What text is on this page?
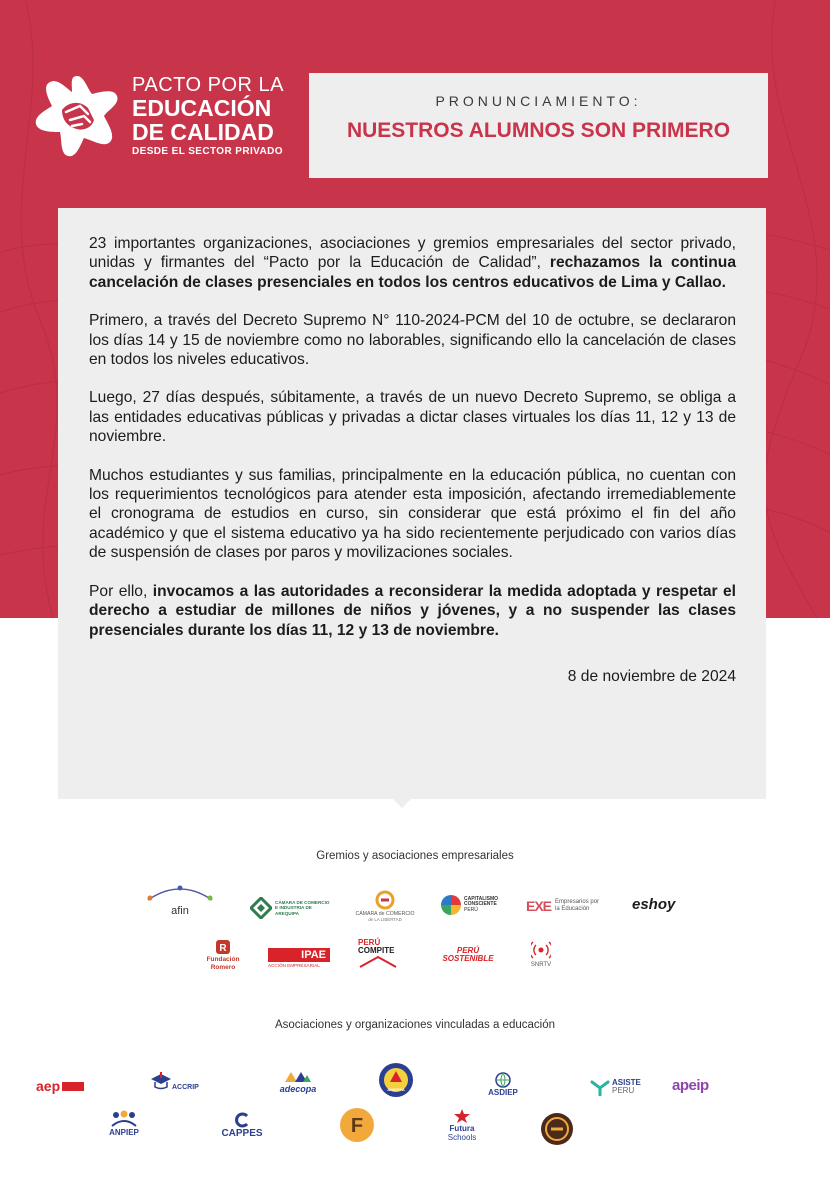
PACTO POR LA
EDUCACIÓN
DE CALIDAD
DESDE EL SECTOR PRIVADO
PRONUNCIAMIENTO:
NUESTROS ALUMNOS SON PRIMERO

23 importantes organizaciones, asociaciones y gremios empresariales del sector privado, unidas y firmantes del “Pacto por la Educación de Calidad”, rechazamos la continua cancelación de clases presenciales en todos los centros educativos de Lima y Callao.

Primero, a través del Decreto Supremo N° 110-2024-PCM del 10 de octubre, se declararon los días 14 y 15 de noviembre como no laborables, significando ello la cancelación de clases en todos los niveles educativos.

Luego, 27 días después, súbitamente, a través de un nuevo Decreto Supremo, se obliga a las entidades educativas públicas y privadas a dictar clases virtuales los días 11, 12 y 13 de noviembre.

Muchos estudiantes y sus familias, principalmente en la educación pública, no cuentan con los requerimientos tecnológicos para atender esta imposición, afectando irremediablemente el cronograma de estudios en curso, sin considerar que está próximo el fin del año académico y que el sistema educativo ya ha sido recientemente perjudicado con varios días de suspensión de clases por paros y movilizaciones sociales.

Por ello, invocamos a las autoridades a reconsiderar la medida adoptada y respetar el derecho a estudiar de millones de niños y jóvenes, y a no suspender las clases presenciales durante los días 11, 12 y 13 de noviembre.

8 de noviembre de 2024
Gremios y asociaciones empresariales
afin
CÁMARA DE COMERCIO
E INDUSTRIA DE
AREQUIPA	CÁMARA de COMERCIO
de LA LIBERTAD
CAPITALISMO
CONSCIENTE
PERÚ	EXE Empresarios por
la Educación	eshoy
R
Fundación
Romero
IPAE
ACCIÓN EMPRESARIAL
PERÚ
COMPITE	PERÚ
SOSTENIBLE
SNRTV
Asociaciones y organizaciones vinculadas a educación
aep	ACCRIP	adecopa	ANIEPPA	ASDIEP
ASISTE
PERU	apeip
ANPIEP	CAPPES	F	Futura
Schools
